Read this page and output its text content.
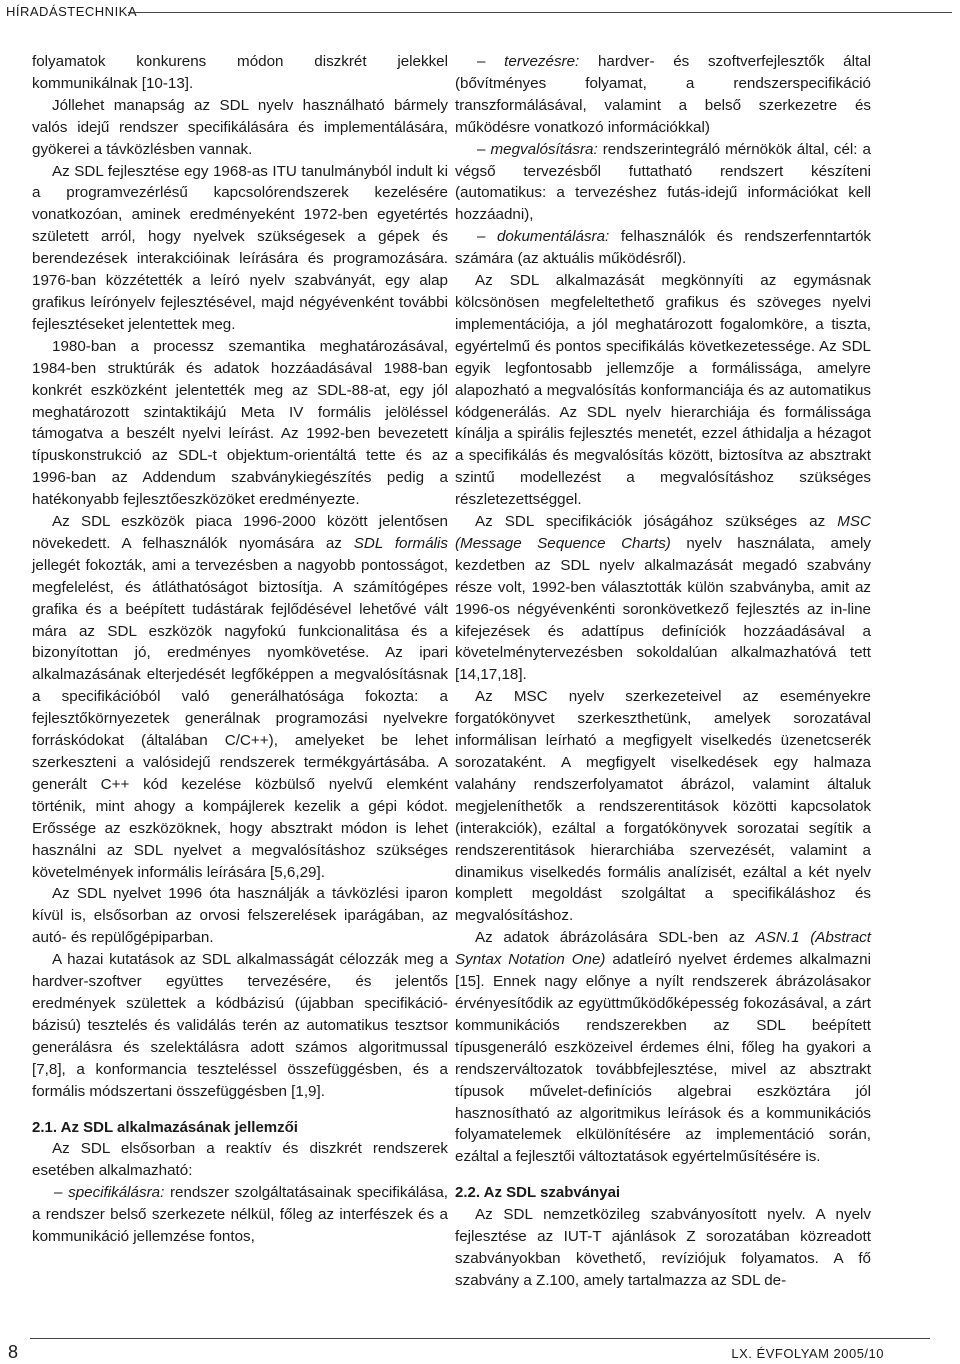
HÍRADÁSTECHNIKA

folyamatok konkurens módon diszkrét jelekkel kommunikálnak [10-13].

Jóllehet manapság az SDL nyelv használható bármely valós idejű rendszer specifikálására és implementálására, gyökerei a távközlésben vannak.

Az SDL fejlesztése egy 1968-as ITU tanulmányból indult ki a programvezérlésű kapcsolórendszerek kezelésére vonatkozóan, aminek eredményeként 1972-ben egyetértés született arról, hogy nyelvek szükségesek a gépek és berendezések interakcióinak leírására és programozására. 1976-ban közzétették a leíró nyelv szabványát, egy alap grafikus leírónyelv fejlesztésével, majd négyévenként további fejlesztéseket jelentettek meg.

1980-ban a processz szemantika meghatározásával, 1984-ben struktúrák és adatok hozzáadásával 1988-ban konkrét eszközként jelentették meg az SDL-88-at, egy jól meghatározott szintaktikájú Meta IV formális jelöléssel támogatva a beszélt nyelvi leírást. Az 1992-ben bevezetett típuskonstrukció az SDL-t objektum-orientáltá tette és az 1996-ban az Addendum szabványkiegészítés pedig a hatékonyabb fejlesztőeszközöket eredményezte.

Az SDL eszközök piaca 1996-2000 között jelentősen növekedett. A felhasználók nyomására az SDL formális jellegét fokozták, ami a tervezésben a nagyobb pontosságot, megfelelést, és átláthatóságot biztosítja. A számítógépes grafika és a beépített tudástárak fejlődésével lehetővé vált mára az SDL eszközök nagyfokú funkcionalitása és a bizonyítottan jó, eredményes nyomkövetése. Az ipari alkalmazásának elterjedését legfőképpen a megvalósításnak a specifikációból való generálhatósága fokozta: a fejlesztőkörnyezetek generálnak programozási nyelvekre forráskódokat (általában C/C++), amelyeket be lehet szerkeszteni a valósidejű rendszerek termékgyártásába. A generált C++ kód kezelése közbülső nyelvű elemként történik, mint ahogy a kompájlerek kezelik a gépi kódot. Erőssége az eszközöknek, hogy absztrakt módon is lehet használni az SDL nyelvet a megvalósításhoz szükséges követelmények informális leírására [5,6,29].

Az SDL nyelvet 1996 óta használják a távközlési iparon kívül is, elsősorban az orvosi felszerelések iparágában, az autó- és repülőgépiparban.

A hazai kutatások az SDL alkalmasságát célozzák meg a hardver-szoftver együttes tervezésére, és jelentős eredmények születtek a kódbázisú (újabban specifikáció-bázisú) tesztelés és validálás terén az automatikus tesztsor generálásra és szelektálásra adott számos algoritmussal [7,8], a konformancia teszteléssel összefüggésben, és a formális módszertani összefüggésben [1,9].

2.1. Az SDL alkalmazásának jellemzői

Az SDL elsősorban a reaktív és diszkrét rendszerek esetében alkalmazható:

– specifikálásra: rendszer szolgáltatásainak specifikálása, a rendszer belső szerkezete nélkül, főleg az interfészek és a kommunikáció jellemzése fontos,

– tervezésre: hardver- és szoftverfejlesztők által (bővítményes folyamat, a rendszerspecifikáció transzformálásával, valamint a belső szerkezetre és működésre vonatkozó információkkal)

– megvalósításra: rendszerintegráló mérnökök által, cél: a végső tervezésből futtatható rendszert készíteni (automatikus: a tervezéshez futás-idejű információkat kell hozzáadni),

– dokumentálásra: felhasználók és rendszerfenntartók számára (az aktuális működésről).

Az SDL alkalmazását megkönnyíti az egymásnak kölcsönösen megfeleltethető grafikus és szöveges nyelvi implementációja, a jól meghatározott fogalomköre, a tiszta, egyértelmű és pontos specifikálás következetessége. Az SDL egyik legfontosabb jellemzője a formálissága, amelyre alapozható a megvalósítás konformanciája és az automatikus kódgenerálás. Az SDL nyelv hierarchiája és formálissága kínálja a spirális fejlesztés menetét, ezzel áthidalja a hézagot a specifikálás és megvalósítás között, biztosítva az absztrakt szintű modellezést a megvalósításhoz szükséges részletezettséggel.

Az SDL specifikációk jóságához szükséges az MSC (Message Sequence Charts) nyelv használata, amely kezdetben az SDL nyelv alkalmazását megadó szabvány része volt, 1992-ben választották külön szabványba, amit az 1996-os négyévenkénti soronkövetkező fejlesztés az in-line kifejezések és adattípus definíciók hozzáadásával a követelménytervezésben sokoldalúan alkalmazhatóvá tett [14,17,18].

Az MSC nyelv szerkezeteivel az eseményekre forgatókönyvet szerkeszthetünk, amelyek sorozatával informálisan leírható a megfigyelt viselkedés üzenetcserék sorozataként. A megfigyelt viselkedések egy halmaza valahány rendszerfolyamatot ábrázol, valamint általuk megjeleníthetők a rendszerentitások közötti kapcsolatok (interakciók), ezáltal a forgatókönyvek sorozatai segítik a rendszerentitások hierarchiába szervezését, valamint a dinamikus viselkedés formális analízisét, ezáltal a két nyelv komplett megoldást szolgáltat a specifikáláshoz és megvalósításhoz.

Az adatok ábrázolására SDL-ben az ASN.1 (Abstract Syntax Notation One) adatleíró nyelvet érdemes alkalmazni [15]. Ennek nagy előnye a nyílt rendszerek ábrázolásakor érvényesítődik az együttműködőképesség fokozásával, a zárt kommunikációs rendszerekben az SDL beépített típusgeneráló eszközeivel érdemes élni, főleg ha gyakori a rendszerváltozatok továbbfejlesztése, mivel az absztrakt típusok művelet-definíciós algebrai eszköztára jól hasznosítható az algoritmikus leírások és a kommunikációs folyamatelemek elkülönítésére az implementáció során, ezáltal a fejlesztői változtatások egyértelműsítésére is.

2.2. Az SDL szabványai

Az SDL nemzetközileg szabványosított nyelv. A nyelv fejlesztése az IUT-T ajánlások Z sorozatában közreadott szabványokban követhető, revíziójuk folyamatos. A fő szabvány a Z.100, amely tartalmazza az SDL de-

8	LX. ÉVFOLYAM 2005/10
